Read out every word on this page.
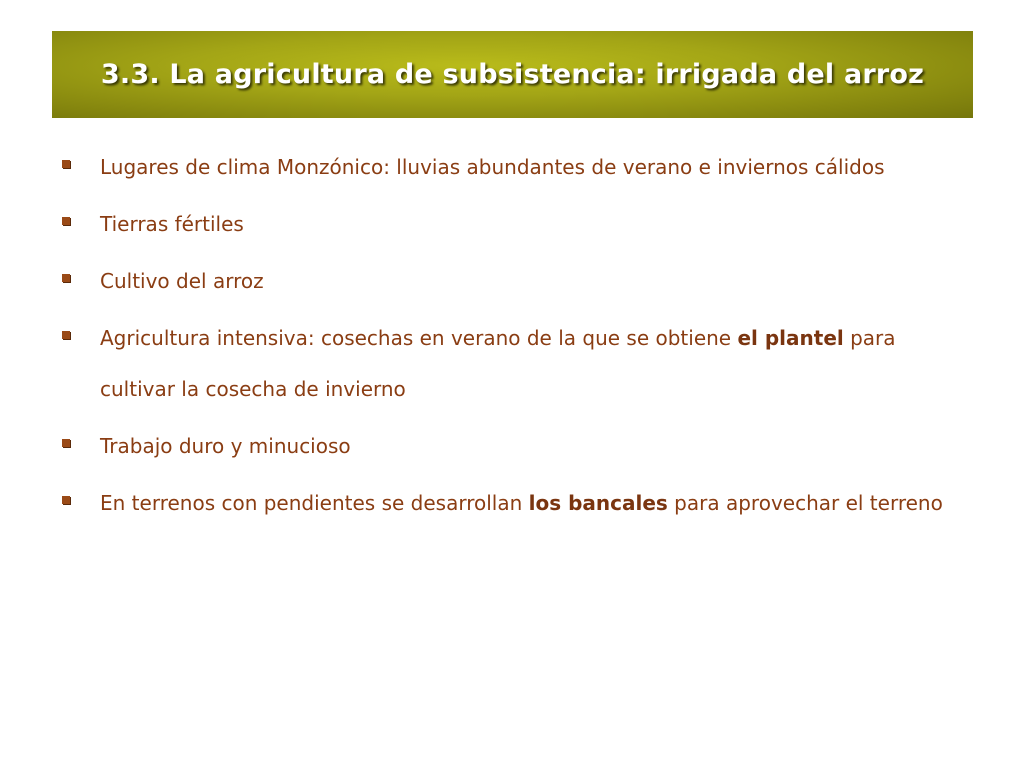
3.3. La agricultura de subsistencia: irrigada del arroz
Lugares de clima Monzónico: lluvias abundantes de verano e inviernos cálidos
Tierras fértiles
Cultivo del arroz
Agricultura intensiva: cosechas en verano de la que se obtiene el plantel para cultivar la cosecha de invierno
Trabajo duro y minucioso
En terrenos con pendientes se desarrollan los bancales para aprovechar el terreno
